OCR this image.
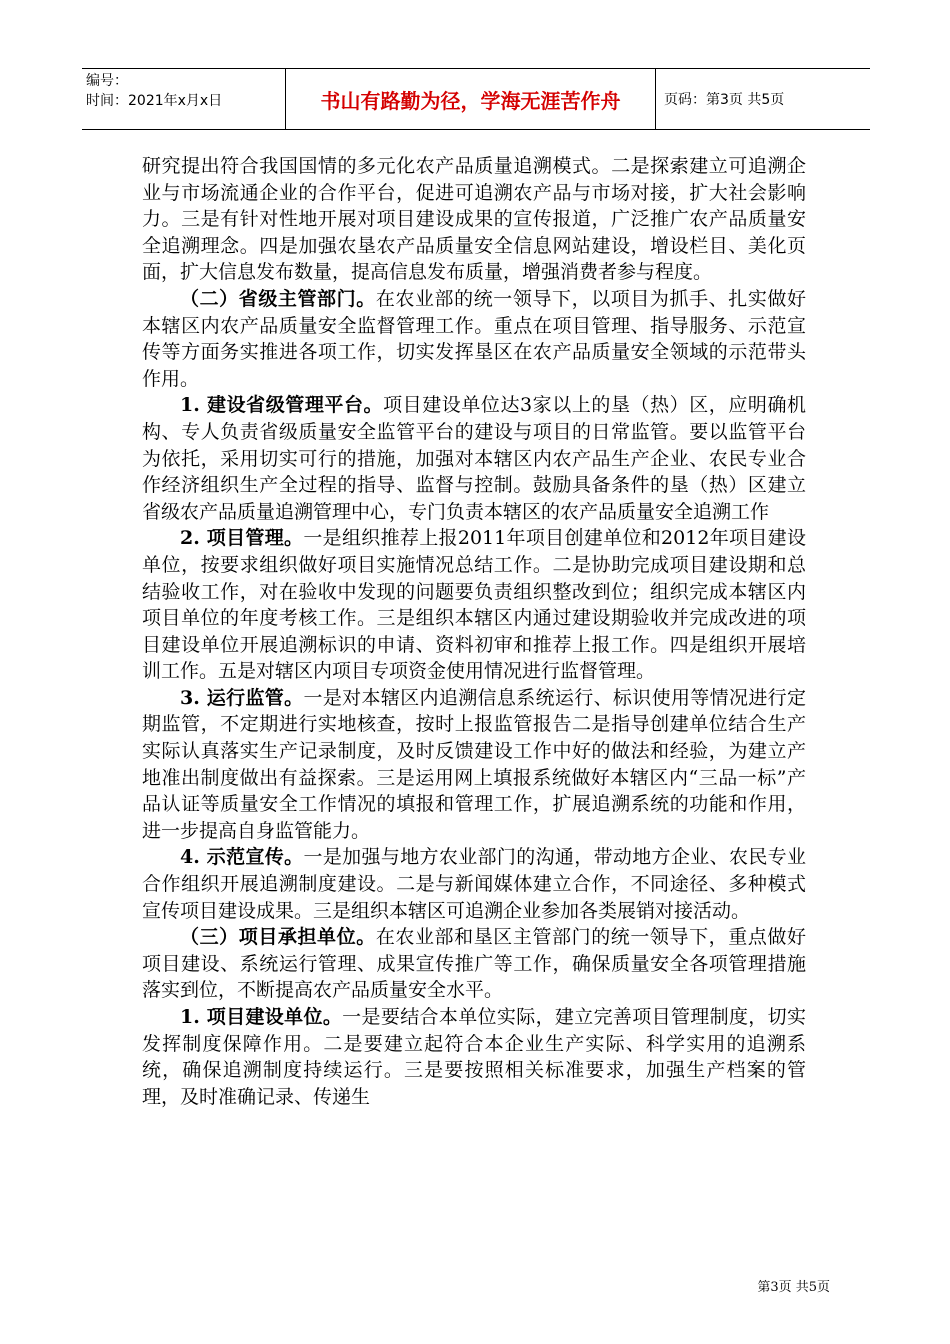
编号：
时间：2021年x月x日	书山有路勤为径，学海无涯苦作舟	页码：第3页 共5页

研究提出符合我国国情的多元化农产品质量追溯模式。二是探索建立可追溯企业与市场流通企业的合作平台，促进可追溯农产品与市场对接，扩大社会影响力。三是有针对性地开展对项目建设成果的宣传报道，广泛推广农产品质量安全追溯理念。四是加强农垦农产品质量安全信息网站建设，增设栏目、美化页面，扩大信息发布数量，提高信息发布质量，增强消费者参与程度。

（二）省级主管部门。在农业部的统一领导下，以项目为抓手、扎实做好本辖区内农产品质量安全监督管理工作。重点在项目管理、指导服务、示范宣传等方面务实推进各项工作，切实发挥垦区在农产品质量安全领域的示范带头作用。

1. 建设省级管理平台。项目建设单位达3家以上的垦（热）区，应明确机构、专人负责省级质量安全监管平台的建设与项目的日常监管。要以监管平台为依托，采用切实可行的措施，加强对本辖区内农产品生产企业、农民专业合作经济组织生产全过程的指导、监督与控制。鼓励具备条件的垦（热）区建立省级农产品质量追溯管理中心，专门负责本辖区的农产品质量安全追溯工作

2. 项目管理。一是组织推荐上报2011年项目创建单位和2012年项目建设单位，按要求组织做好项目实施情况总结工作。二是协助完成项目建设期和总结验收工作，对在验收中发现的问题要负责组织整改到位；组织完成本辖区内项目单位的年度考核工作。三是组织本辖区内通过建设期验收并完成改进的项目建设单位开展追溯标识的申请、资料初审和推荐上报工作。四是组织开展培训工作。五是对辖区内项目专项资金使用情况进行监督管理。

3. 运行监管。一是对本辖区内追溯信息系统运行、标识使用等情况进行定期监管，不定期进行实地核查，按时上报监管报告二是指导创建单位结合生产实际认真落实生产记录制度，及时反馈建设工作中好的做法和经验，为建立产地准出制度做出有益探索。三是运用网上填报系统做好本辖区内“三品一标”产品认证等质量安全工作情况的填报和管理工作，扩展追溯系统的功能和作用，进一步提高自身监管能力。

4. 示范宣传。一是加强与地方农业部门的沟通，带动地方企业、农民专业合作组织开展追溯制度建设。二是与新闻媒体建立合作，不同途径、多种模式宣传项目建设成果。三是组织本辖区可追溯企业参加各类展销对接活动。

（三）项目承担单位。在农业部和垦区主管部门的统一领导下，重点做好项目建设、系统运行管理、成果宣传推广等工作，确保质量安全各项管理措施落实到位，不断提高农产品质量安全水平。

1. 项目建设单位。一是要结合本单位实际，建立完善项目管理制度，切实发挥制度保障作用。二是要建立起符合本企业生产实际、科学实用的追溯系统，确保追溯制度持续运行。三是要按照相关标准要求，加强生产档案的管理，及时准确记录、传递生

第3页 共5页
